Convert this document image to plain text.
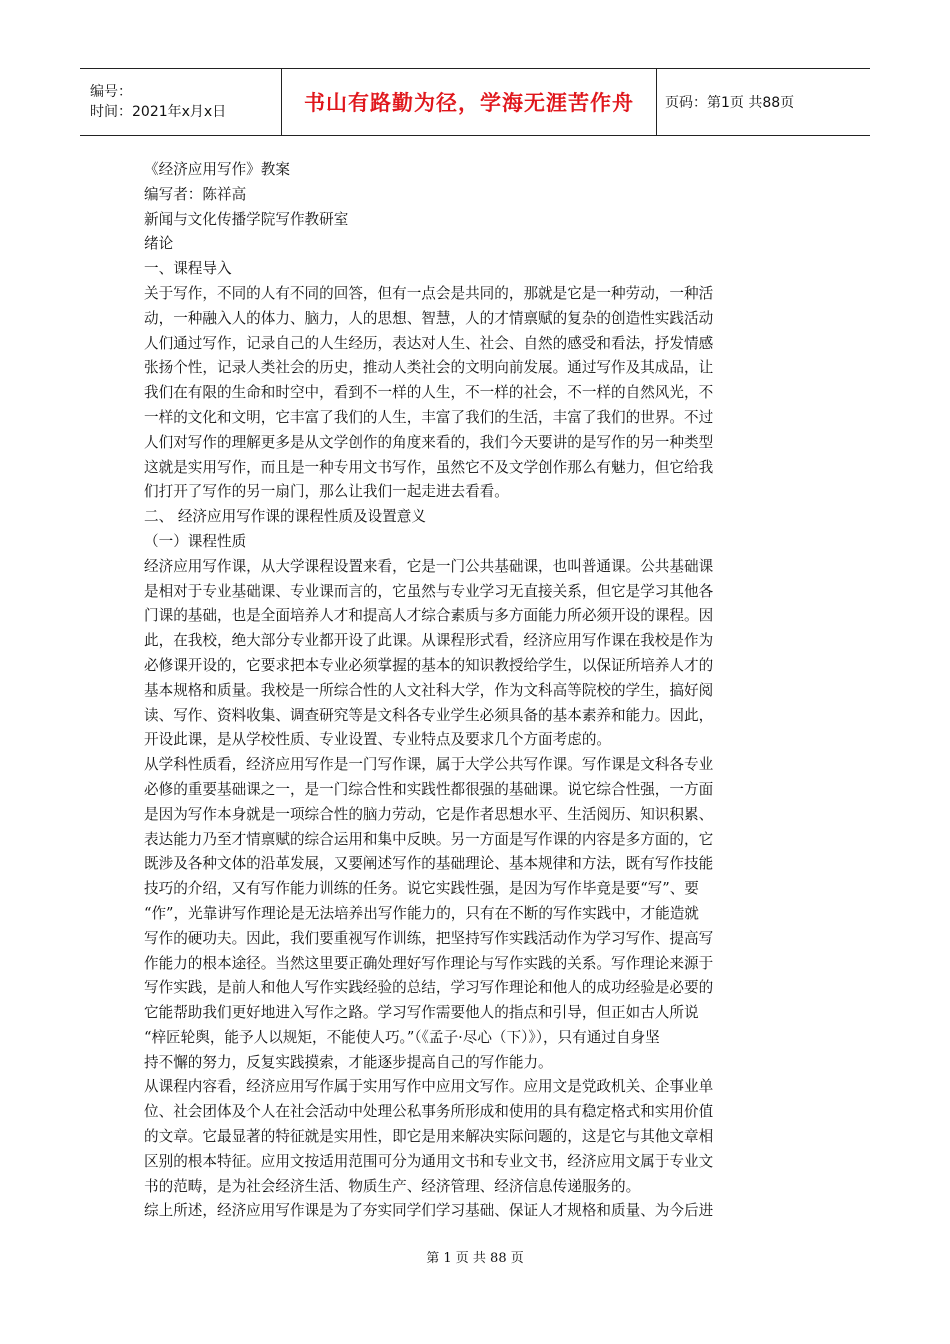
编号：
时间：2021年x月x日	书山有路勤为径，学海无涯苦作舟 页码：第1页 共88页

《经济应用写作》教案

编写者：陈祥高

新闻与文化传播学院写作教研室

绪论

一、课程导入

关于写作，不同的人有不同的回答，但有一点会是共同的，那就是它是一种劳动，一种活

动，一种融入人的体力、脑力，人的思想、智慧，人的才情禀赋的复杂的创造性实践活动

人们通过写作，记录自己的人生经历，表达对人生、社会、自然的感受和看法，抒发情感

张扬个性，记录人类社会的历史，推动人类社会的文明向前发展。通过写作及其成品，让

我们在有限的生命和时空中，看到不一样的人生，不一样的社会，不一样的自然风光，不

一样的文化和文明，它丰富了我们的人生，丰富了我们的生活，丰富了我们的世界。不过

人们对写作的理解更多是从文学创作的角度来看的，我们今天要讲的是写作的另一种类型

这就是实用写作，而且是一种专用文书写作，虽然它不及文学创作那么有魅力，但它给我

们打开了写作的另一扇门，那么让我们一起走进去看看。

二、 经济应用写作课的课程性质及设置意义

（一）课程性质

经济应用写作课，从大学课程设置来看，它是一门公共基础课，也叫普通课。公共基础课

是相对于专业基础课、专业课而言的，它虽然与专业学习无直接关系，但它是学习其他各

门课的基础，也是全面培养人才和提高人才综合素质与多方面能力所必须开设的课程。因

此，在我校，绝大部分专业都开设了此课。从课程形式看，经济应用写作课在我校是作为

必修课开设的，它要求把本专业必须掌握的基本的知识教授给学生，以保证所培养人才的

基本规格和质量。我校是一所综合性的人文社科大学，作为文科高等院校的学生，搞好阅

读、写作、资料收集、调查研究等是文科各专业学生必须具备的基本素养和能力。因此，

开设此课，是从学校性质、专业设置、专业特点及要求几个方面考虑的。

从学科性质看，经济应用写作是一门写作课，属于大学公共写作课。写作课是文科各专业

必修的重要基础课之一，是一门综合性和实践性都很强的基础课。说它综合性强，一方面

是因为写作本身就是一项综合性的脑力劳动，它是作者思想水平、生活阅历、知识积累、

表达能力乃至才情禀赋的综合运用和集中反映。另一方面是写作课的内容是多方面的，它

既涉及各种文体的沿革发展，又要阐述写作的基础理论、基本规律和方法，既有写作技能

技巧的介绍，又有写作能力训练的任务。说它实践性强，是因为写作毕竟是要“写”、要

“作”，光靠讲写作理论是无法培养出写作能力的，只有在不断的写作实践中，才能造就

写作的硬功夫。因此，我们要重视写作训练，把坚持写作实践活动作为学习写作、提高写

作能力的根本途径。当然这里要正确处理好写作理论与写作实践的关系。写作理论来源于

写作实践，是前人和他人写作实践经验的总结，学习写作理论和他人的成功经验是必要的

它能帮助我们更好地进入写作之路。学习写作需要他人的指点和引导，但正如古人所说

“梓匠轮舆，能予人以规矩，不能使人巧。”（《孟子·尽心（下）》），只有通过自身坚

持不懈的努力，反复实践摸索，才能逐步提高自己的写作能力。

从课程内容看，经济应用写作属于实用写作中应用文写作。应用文是党政机关、企事业单

位、社会团体及个人在社会活动中处理公私事务所形成和使用的具有稳定格式和实用价值

的文章。它最显著的特征就是实用性，即它是用来解决实际问题的，这是它与其他文章相

区别的根本特征。应用文按适用范围可分为通用文书和专业文书，经济应用文属于专业文

书的范畴，是为社会经济生活、物质生产、经济管理、经济信息传递服务的。

综上所述，经济应用写作课是为了夯实同学们学习基础、保证人才规格和质量、为今后进

第 1 页 共 88 页
